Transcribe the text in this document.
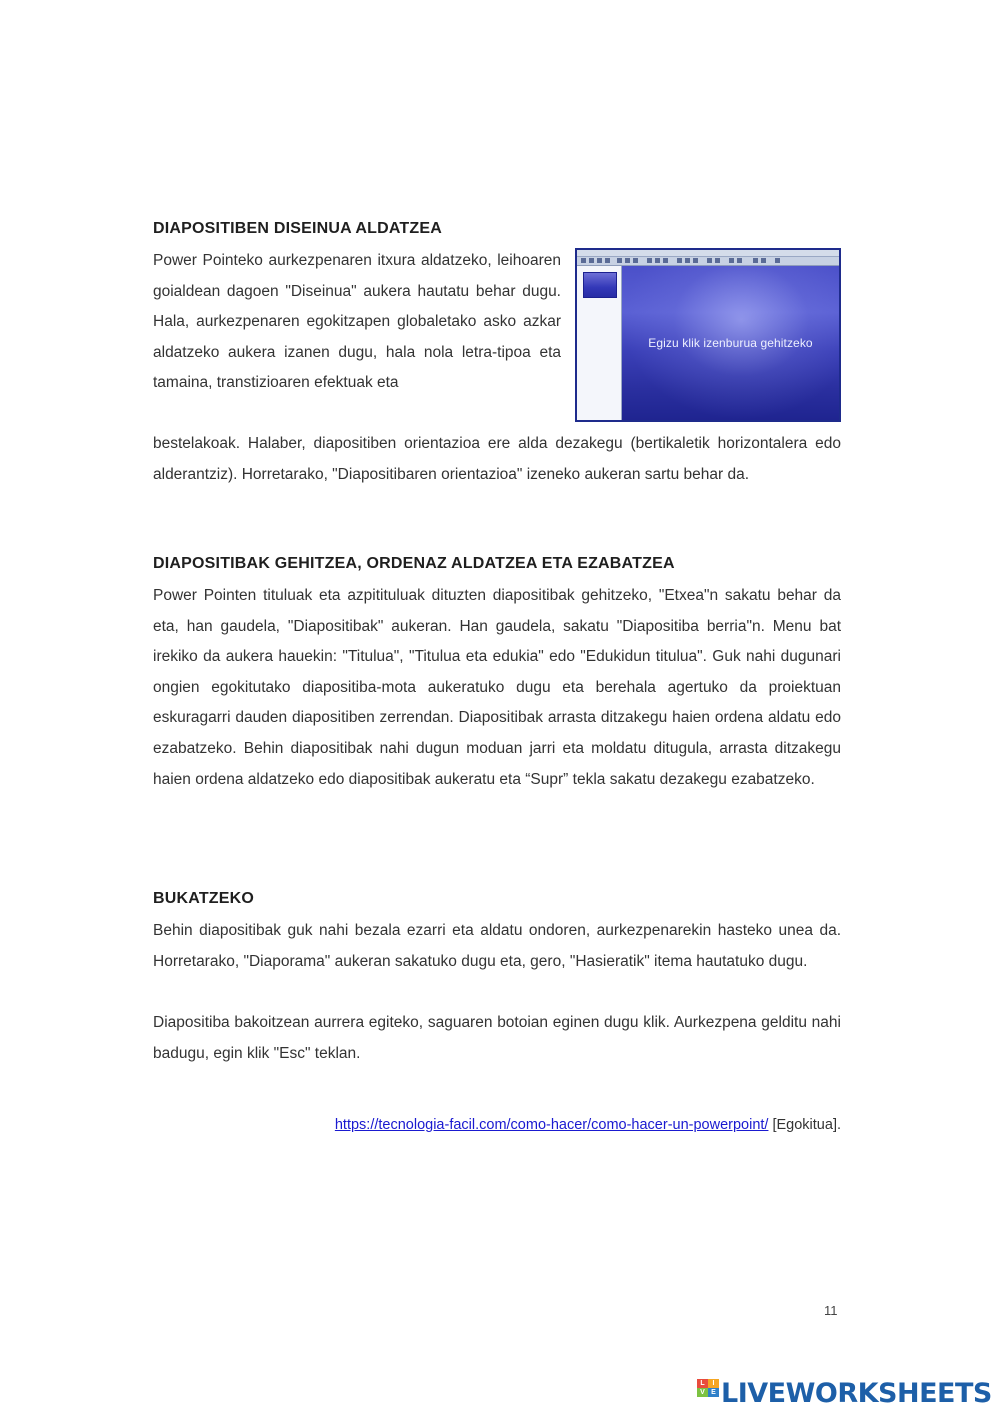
DIAPOSITIBEN DISEINUA ALDATZEA

Power Pointeko aurkezpenaren itxura aldatzeko, leihoaren goialdean dagoen "Diseinua" aukera hautatu behar dugu. Hala, aurkezpenaren egokitzapen globaletako asko azkar aldatzeko aukera izanen dugu, hala nola letra-tipoa eta tamaina, transtizioaren efektuak eta

bestelakoak. Halaber, diapositiben orientazioa ere alda dezakegu (bertikaletik horizontalera edo alderantziz). Horretarako, "Diapositibaren orientazioa" izeneko aukeran sartu behar da.

Egizu klik izenburua gehitzeko
DIAPOSITIBAK GEHITZEA, ORDENAZ ALDATZEA ETA EZABATZEA

Power Pointen tituluak eta azpitituluak dituzten diapositibak gehitzeko, "Etxea"n sakatu behar da eta, han gaudela, "Diapositibak" aukeran. Han gaudela, sakatu "Diapositiba berria"n. Menu bat irekiko da aukera hauekin: "Titulua", "Titulua eta edukia" edo "Edukidun titulua". Guk nahi dugunari ongien egokitutako diapositiba-mota aukeratuko dugu eta berehala agertuko da proiektuan eskuragarri dauden diapositiben zerrendan. Diapositibak arrasta ditzakegu haien ordena aldatu edo ezabatzeko. Behin diapositibak nahi dugun moduan jarri eta moldatu ditugula, arrasta ditzakegu haien ordena aldatzeko edo diapositibak aukeratu eta “Supr” tekla sakatu dezakegu ezabatzeko.

BUKATZEKO

Behin diapositibak guk nahi bezala ezarri eta aldatu ondoren, aurkezpenarekin hasteko unea da. Horretarako, "Diaporama" aukeran sakatuko dugu eta, gero, "Hasieratik" itema hautatuko dugu.

Diapositiba bakoitzean aurrera egiteko, saguaren botoian eginen dugu klik. Aurkezpena gelditu nahi badugu, egin klik "Esc" teklan.

https://tecnologia-facil.com/como-hacer/como-hacer-un-powerpoint/ [Egokitua].
11
L	I
V E LIVEWORKSHEETS
